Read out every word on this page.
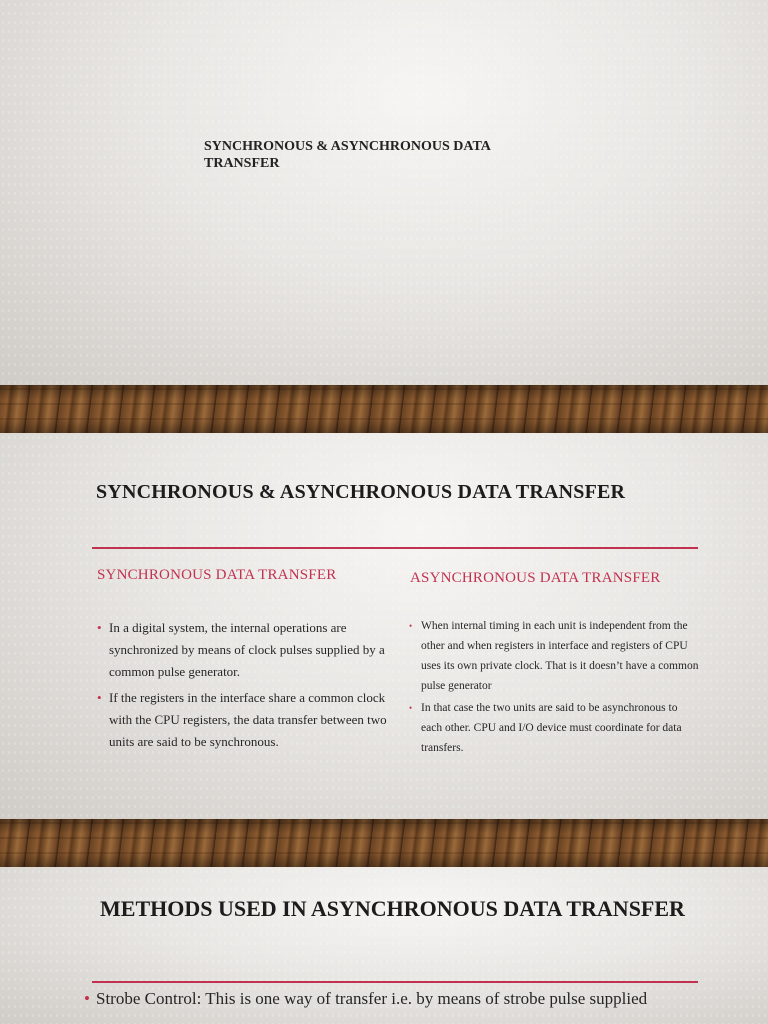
SYNCHRONOUS & ASYNCHRONOUS DATA TRANSFER
SYNCHRONOUS & ASYNCHRONOUS DATA TRANSFER
SYNCHRONOUS DATA TRANSFER
• In a digital system, the internal operations are synchronized by means of clock pulses supplied by a common pulse generator.
• If the registers in the interface share a common clock with the CPU registers, the data transfer between two units are said to be synchronous.
ASYNCHRONOUS DATA TRANSFER
• When internal timing in each unit is independent from the other and when registers in interface and registers of CPU uses its own private clock. That is it doesn’t have a common pulse generator
• In that case the two units are said to be asynchronous to each other. CPU and I/O device must coordinate for data transfers.
METHODS USED IN ASYNCHRONOUS DATA TRANSFER
• Strobe Control: This is one way of transfer i.e. by means of strobe pulse supplied
